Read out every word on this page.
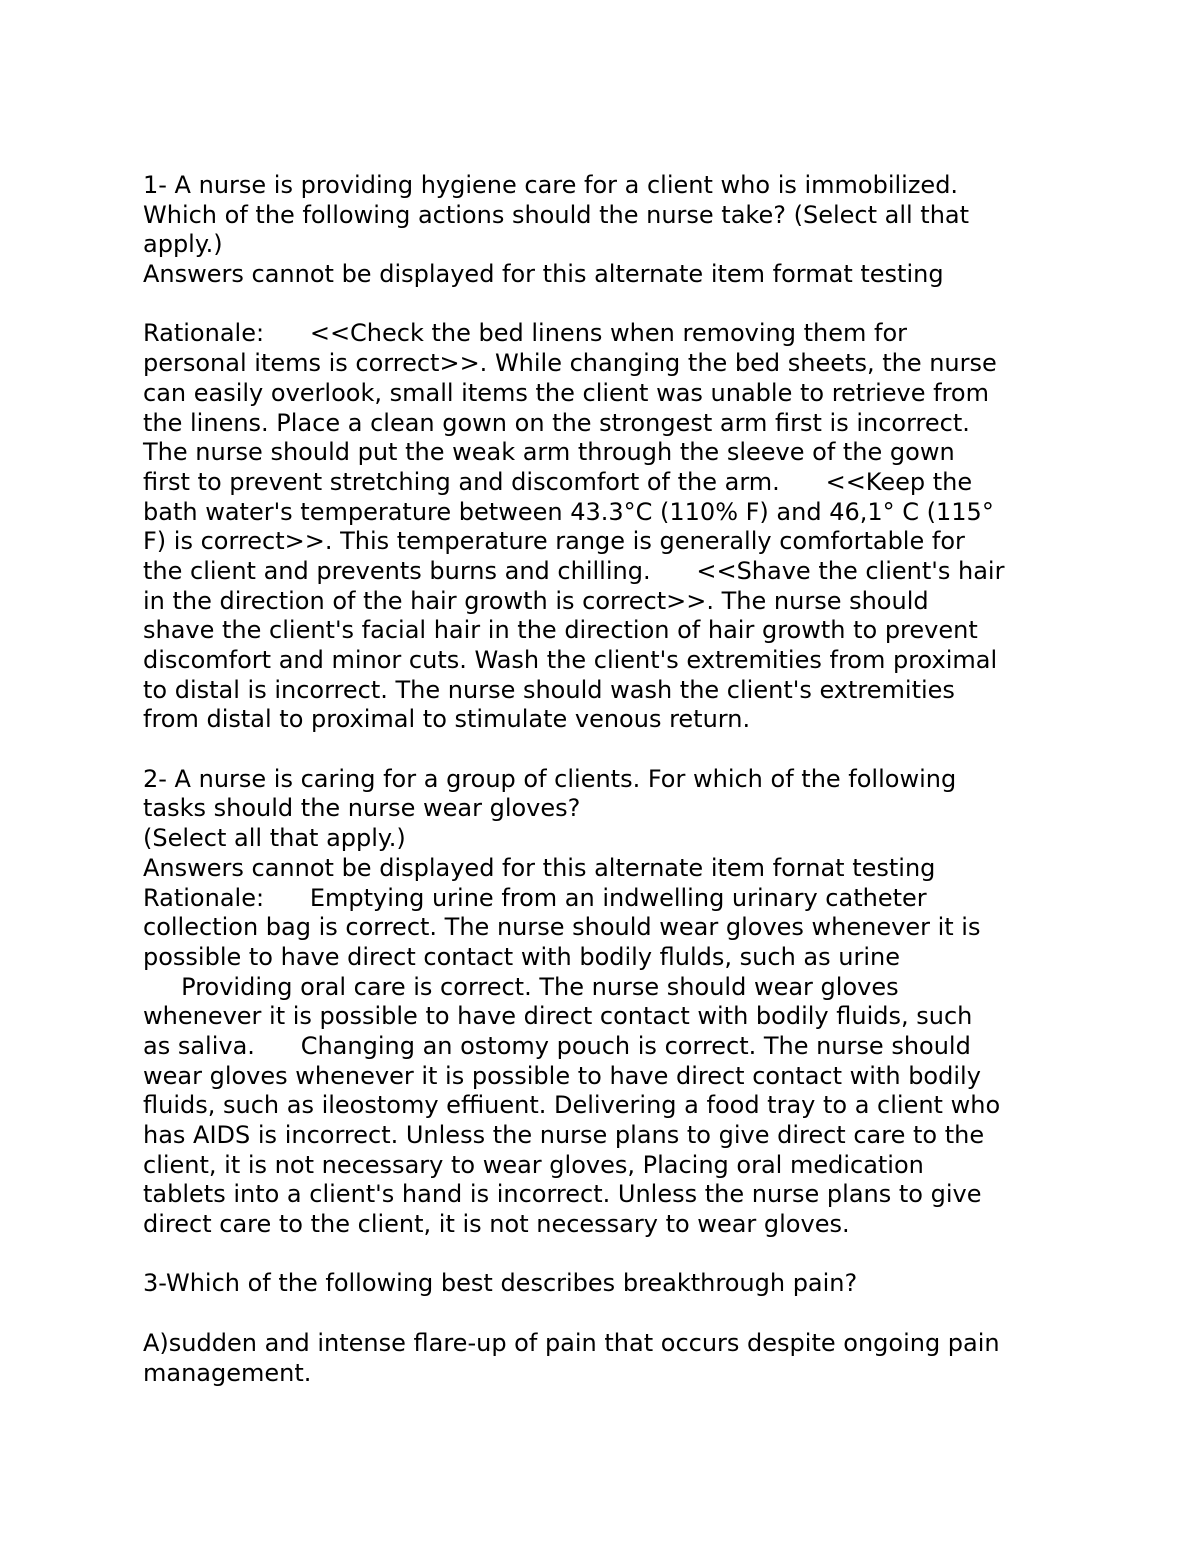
1- A nurse is providing hygiene care for a client who is immobilized.
Which of the following actions should the nurse take? (Select all that
apply.)
Answers cannot be displayed for this alternate item format testing
Rationale:      <<Check the bed linens when removing them for
personal items is correct>>. While changing the bed sheets, the nurse
can easily overlook, small items the client was unable to retrieve from
the linens. Place a clean gown on the strongest arm first is incorrect.
The nurse should put the weak arm through the sleeve of the gown
first to prevent stretching and discomfort of the arm.      <<Keep the
bath water's temperature between 43.3°C (110% F) and 46,1° C (115°
F) is correct>>. This temperature range is generally comfortable for
the client and prevents burns and chilling.      <<Shave the client's hair
in the direction of the hair growth is correct>>. The nurse should
shave the client's facial hair in the direction of hair growth to prevent
discomfort and minor cuts. Wash the client's extremities from proximal
to distal is incorrect. The nurse should wash the client's extremities
from distal to proximal to stimulate venous return.
2- A nurse is caring for a group of clients. For which of the following
tasks should the nurse wear gloves?
(Select all that apply.)
Answers cannot be displayed for this alternate item fornat testing
Rationale:      Emptying urine from an indwelling urinary catheter
collection bag is correct. The nurse should wear gloves whenever it is
possible to have direct contact with bodily flulds, such as urine
Providing oral care is correct. The nurse should wear gloves
whenever it is possible to have direct contact with bodily fluids, such
as saliva.      Changing an ostomy pouch is correct. The nurse should
wear gloves whenever it is possible to have direct contact with bodily
fluids, such as ileostomy effiuent. Delivering a food tray to a client who
has AIDS is incorrect. Unless the nurse plans to give direct care to the
client, it is not necessary to wear gloves, Placing oral medication
tablets into a client's hand is incorrect. Unless the nurse plans to give
direct care to the client, it is not necessary to wear gloves.
3-Which of the following best describes breakthrough pain?
A)sudden and intense flare-up of pain that occurs despite ongoing pain
management.
